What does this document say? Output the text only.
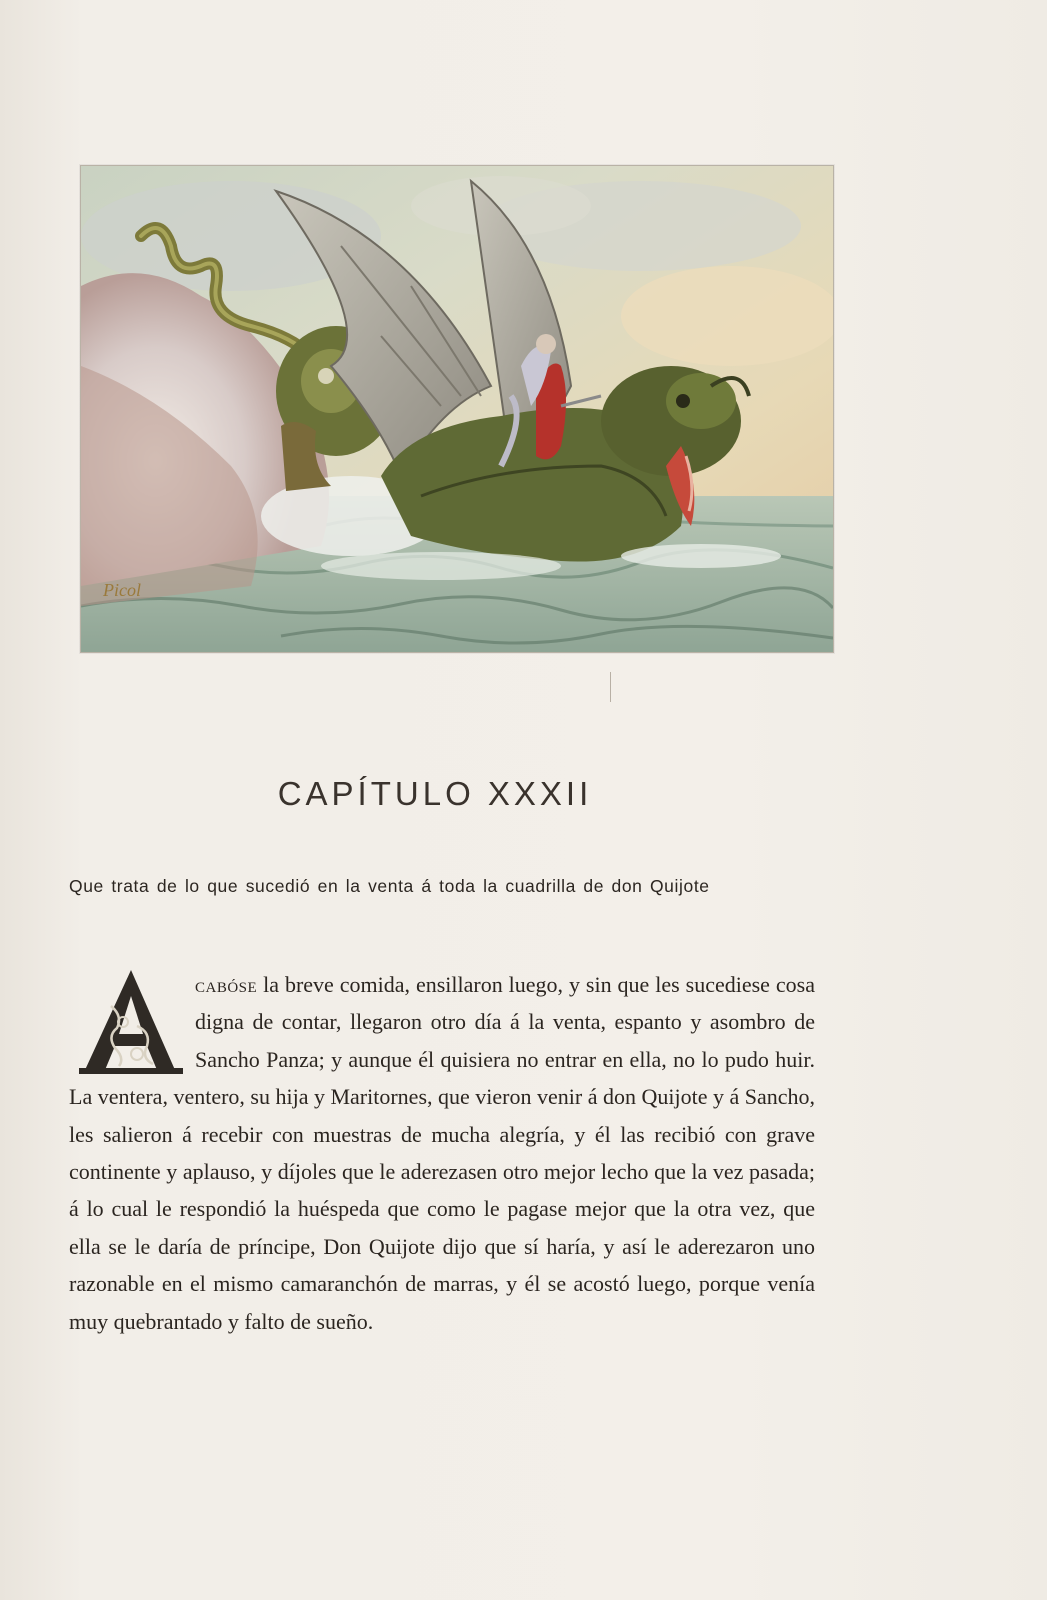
Picol
CAPÍTULO XXXII

Que trata de lo que sucedió en la venta á toda la cuadrilla de don Quijote

cabóse la breve comida, ensillaron luego, y sin que les sucediese cosa digna de contar, llegaron otro día á la venta, espanto y asombro de Sancho Panza; y aunque él quisiera no entrar en ella, no lo pudo huir. La ventera, ventero, su hija y Maritornes, que vieron venir á don Quijote y á Sancho, les salieron á recebir con muestras de mucha alegría, y él las recibió con grave continente y aplauso, y díjoles que le aderezasen otro mejor lecho que la vez pasada; á lo cual le respondió la huéspeda que como le pagase mejor que la otra vez, que ella se le daría de príncipe, Don Quijote dijo que sí haría, y así le aderezaron uno razonable en el mismo camaranchón de marras, y él se acostó luego, porque venía muy quebrantado y falto de sueño.
